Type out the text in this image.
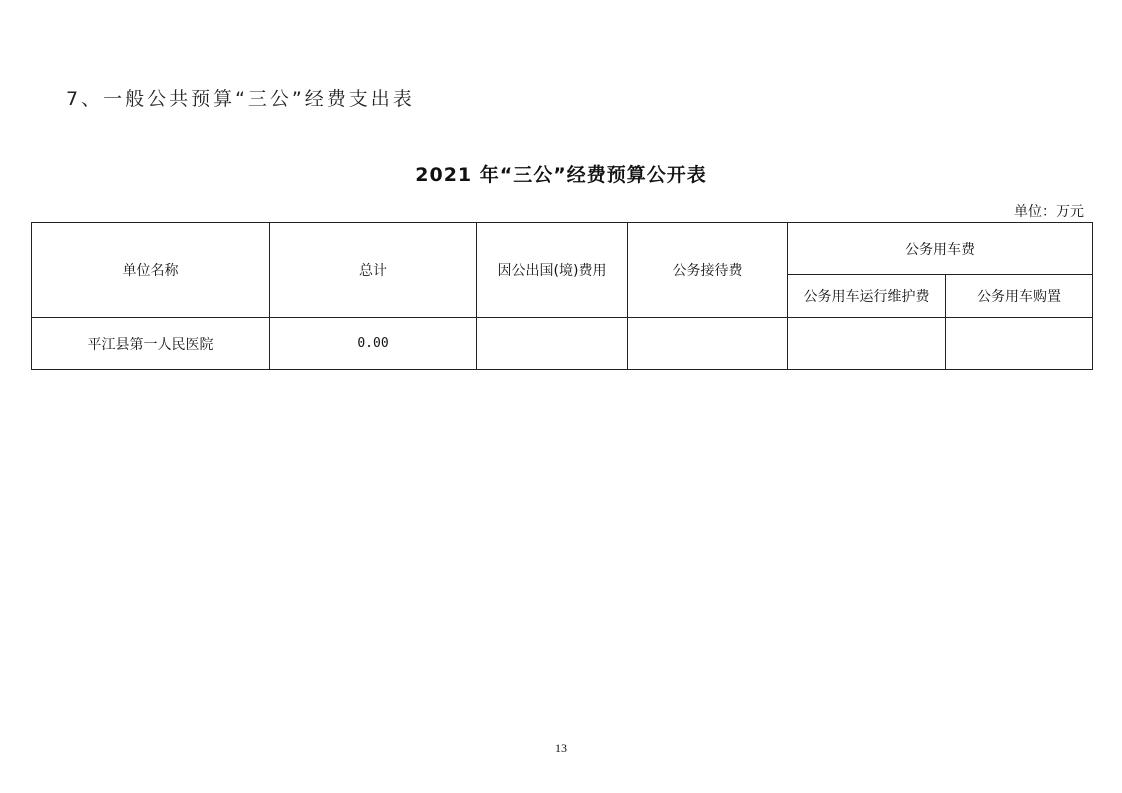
7、一般公共预算“三公”经费支出表
2021 年“三公”经费预算公开表
单位：万元
单位名称	总计	因公出国(境)费用	公务接待费	公务用车费	
				公务用车运行维护费	公务用车购置
平江县第一人民医院	0.00				
13
